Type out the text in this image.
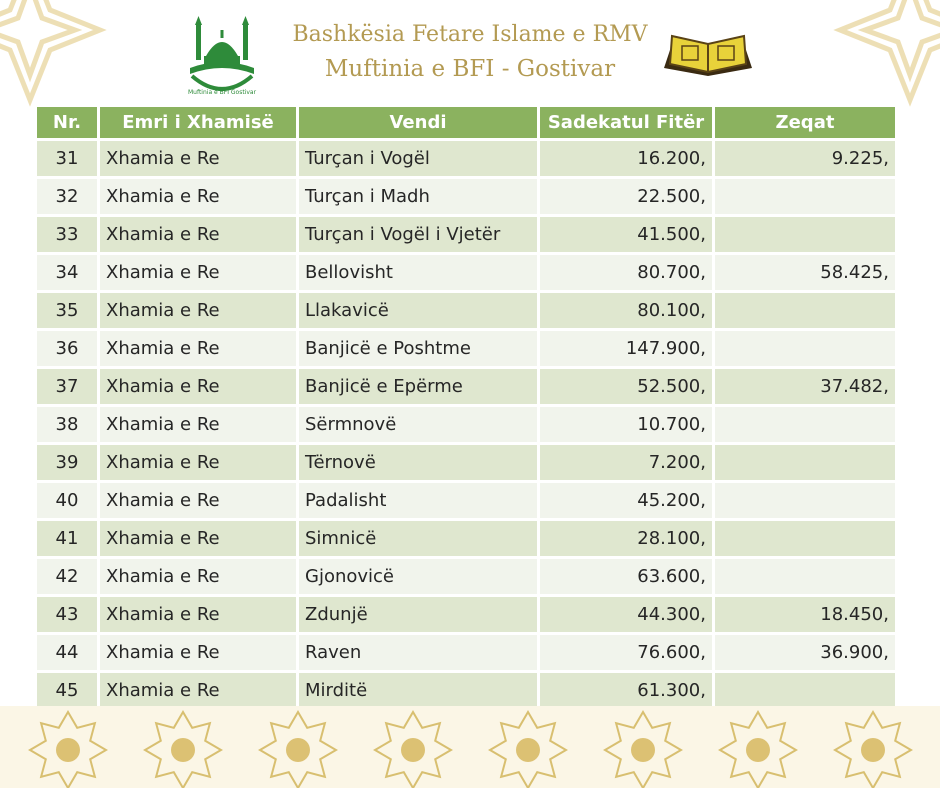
Muftinia e BFI Gostivar
Bashkësia Fetare Islame e RMV
Muftinia e BFI - Gostivar
Nr.	Emri i Xhamisë	Vendi	Sadekatul Fitër	Zeqat
31	Xhamia e Re	Turçan i Vogël	16.200,	9.225,
32	Xhamia e Re	Turçan i Madh	22.500,	
33	Xhamia e Re	Turçan i Vogël i Vjetër	41.500,	
34	Xhamia e Re	Bellovisht	80.700,	58.425,
35	Xhamia e Re	Llakavicë	80.100,	
36	Xhamia e Re	Banjicë e Poshtme	147.900,	
37	Xhamia e Re	Banjicë e Epërme	52.500,	37.482,
38	Xhamia e Re	Sërmnovë	10.700,	
39	Xhamia e Re	Tërnovë	7.200,	
40	Xhamia e Re	Padalisht	45.200,	
41	Xhamia e Re	Simnicë	28.100,	
42	Xhamia e Re	Gjonovicë	63.600,	
43	Xhamia e Re	Zdunjë	44.300,	18.450,
44	Xhamia e Re	Raven	76.600,	36.900,
45	Xhamia e Re	Mirditë	61.300,	
